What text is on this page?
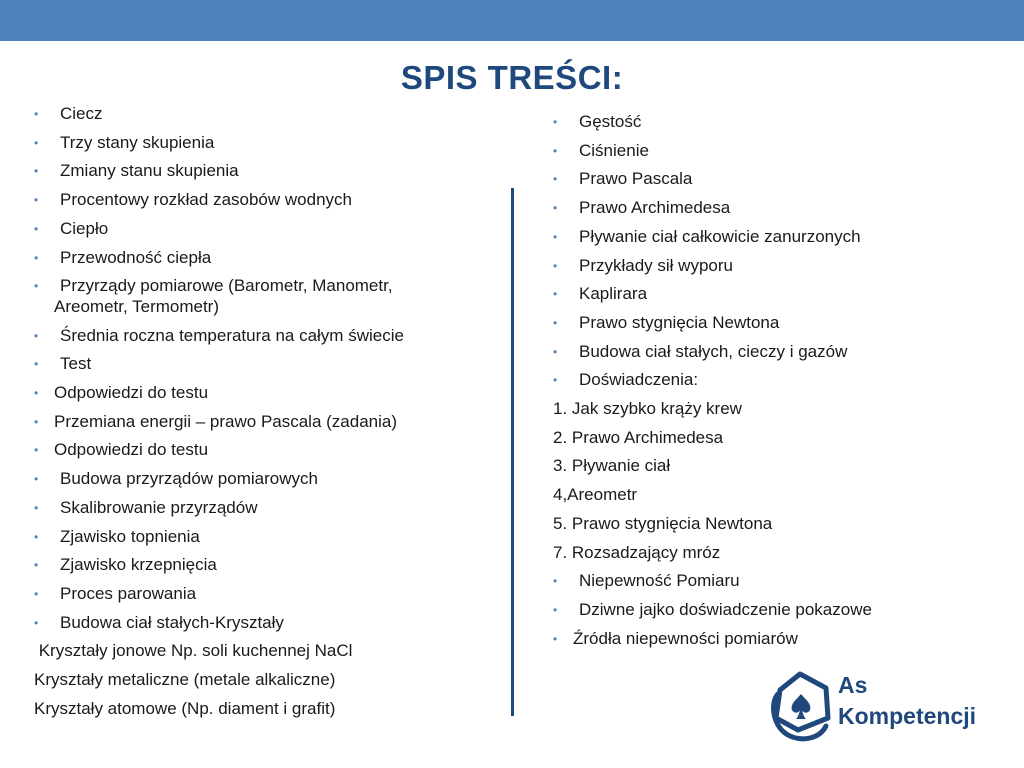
SPIS TREŚCI:
•	Ciecz
•	Trzy stany skupienia
•	Zmiany stanu skupienia
•	Procentowy rozkład zasobów wodnych
•	Ciepło
•	Przewodność ciepła
•	Przyrządy pomiarowe (Barometr, Manometr,
Areometr, Termometr)
•	Średnia roczna temperatura na całym świecie
•	Test
• Odpowiedzi do testu
• Przemiana energii – prawo Pascala (zadania)
• Odpowiedzi do testu
•	Budowa przyrządów pomiarowych
•	Skalibrowanie przyrządów
•	Zjawisko topnienia
•	Zjawisko krzepnięcia
•	Proces parowania
•	Budowa ciał stałych-Kryształy
Kryształy jonowe Np. soli kuchennej NaCl
Kryształy metaliczne (metale alkaliczne)
Kryształy atomowe (Np. diament i grafit)
•	Gęstość
•	Ciśnienie
•	Prawo Pascala
•	Prawo Archimedesa
•	Pływanie ciał całkowicie zanurzonych
•	Przykłady sił wyporu
•	Kaplirara
•	Prawo stygnięcia Newtona
•	Budowa ciał stałych, cieczy i gazów
•	Doświadczenia:
1. Jak szybko krąży krew
2. Prawo Archimedesa
3. Pływanie ciał
4,Areometr
5. Prawo stygnięcia Newtona
7. Rozsadzający mróz
•	Niepewność Pomiaru
•	Dziwne jajko doświadczenie pokazowe
• Źródła niepewności pomiarów
As
Kompetencji
